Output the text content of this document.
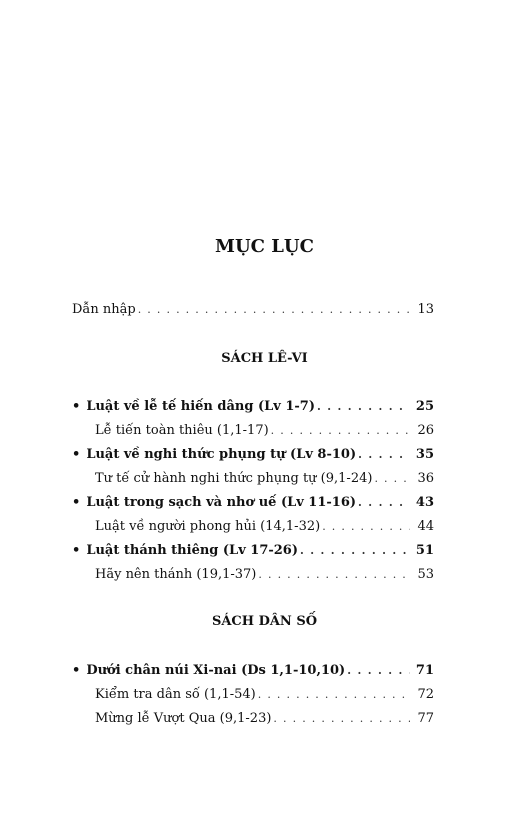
MỤC LỤC
Dẫn nhập . . .	13
SÁCH LÊ-VI
• Luật về lễ tế hiến dâng (Lv 1-7) . . .	25
Lễ tiến toàn thiêu (1,1-17) . . .	26
• Luật về nghi thức phụng tự (Lv 8-10) . . .	35
Tư tế cử hành nghi thức phụng tự (9,1-24) . . .	36
• Luật trong sạch và nhơ uế (Lv 11-16) . . .	43
Luật về người phong hủi (14,1-32) . . .	44
• Luật thánh thiêng (Lv 17-26) . . .	51
Hãy nên thánh (19,1-37) . . .	53
SÁCH DÂN SỐ
• Dưới chân núi Xi-nai (Ds 1,1-10,10) . . .	71
Kiểm tra dân số (1,1-54) . . .	72
Mừng lễ Vượt Qua (9,1-23) . . .	77
